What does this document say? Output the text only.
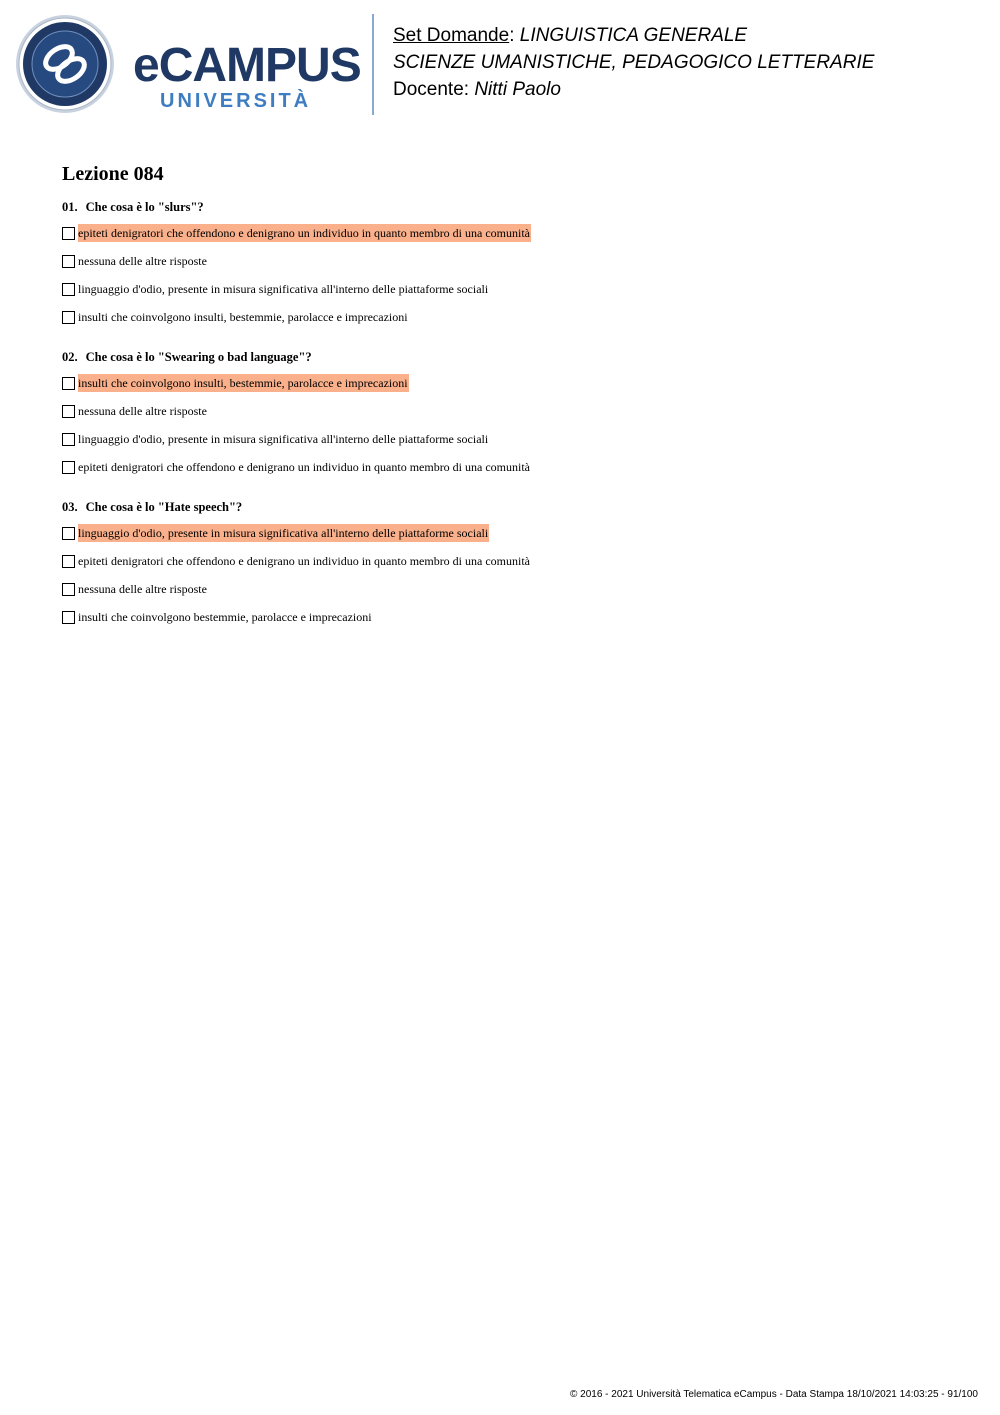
eCAMPUS
UNIVERSITÀ
Set Domande: LINGUISTICA GENERALE
SCIENZE UMANISTICHE, PEDAGOGICO LETTERARIE
Docente: Nitti Paolo
Lezione 084
01. Che cosa è lo "slurs"?
epiteti denigratori che offendono e denigrano un individuo in quanto membro di una comunità
nessuna delle altre risposte
linguaggio d'odio, presente in misura significativa all'interno delle piattaforme sociali
insulti che coinvolgono insulti, bestemmie, parolacce e imprecazioni
02. Che cosa è lo "Swearing o bad language"?
insulti che coinvolgono insulti, bestemmie, parolacce e imprecazioni
nessuna delle altre risposte
linguaggio d'odio, presente in misura significativa all'interno delle piattaforme sociali
epiteti denigratori che offendono e denigrano un individuo in quanto membro di una comunità
03. Che cosa è lo "Hate speech"?
linguaggio d'odio, presente in misura significativa all'interno delle piattaforme sociali
epiteti denigratori che offendono e denigrano un individuo in quanto membro di una comunità
nessuna delle altre risposte
insulti che coinvolgono bestemmie, parolacce e imprecazioni
© 2016 - 2021 Università Telematica eCampus - Data Stampa 18/10/2021 14:03:25 - 91/100
